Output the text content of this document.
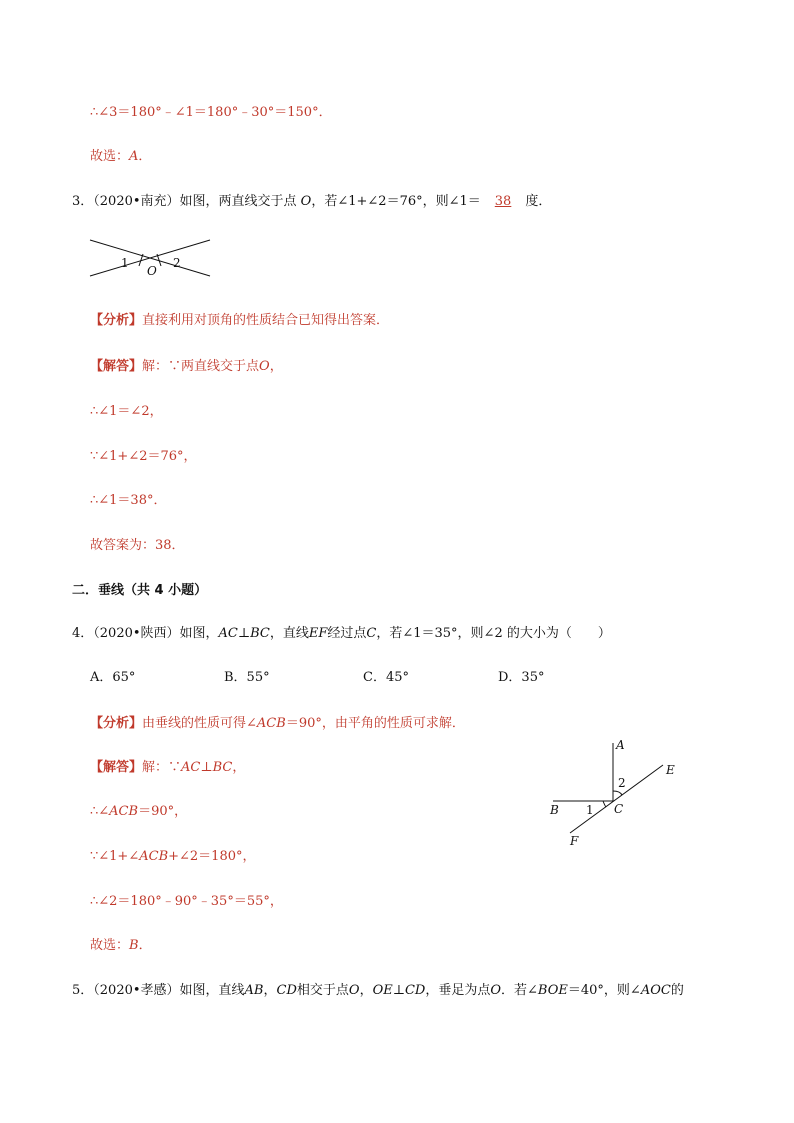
∴∠3＝180°﹣∠1＝180°﹣30°＝150°．
故选：A．
3．（2020•南充）如图，两直线交于点 O，若∠1+∠2＝76°，则∠1＝ 38 度．
1
O
2
【分析】直接利用对顶角的性质结合已知得出答案．
【解答】解：∵两直线交于点O，
∴∠1＝∠2，
∵∠1+∠2＝76°，
∴∠1＝38°．
故答案为：38．
二．垂线（共 4 小题）
4．（2020•陕西）如图，AC⊥BC，直线EF经过点C，若∠1＝35°，则∠2 的大小为（　　）
A．65°	B．55°	C．45°	D．35°
【分析】由垂线的性质可得∠ACB＝90°，由平角的性质可求解．
【解答】解：∵AC⊥BC，
∴∠ACB＝90°，
∵∠1+∠ACB+∠2＝180°，
∴∠2＝180°﹣90°﹣35°＝55°，
故选：B．
A
E
2
B 1 C
F
5．（2020•孝感）如图，直线AB，CD相交于点O，OE⊥CD，垂足为点O．若∠BOE＝40°，则∠AOC的
